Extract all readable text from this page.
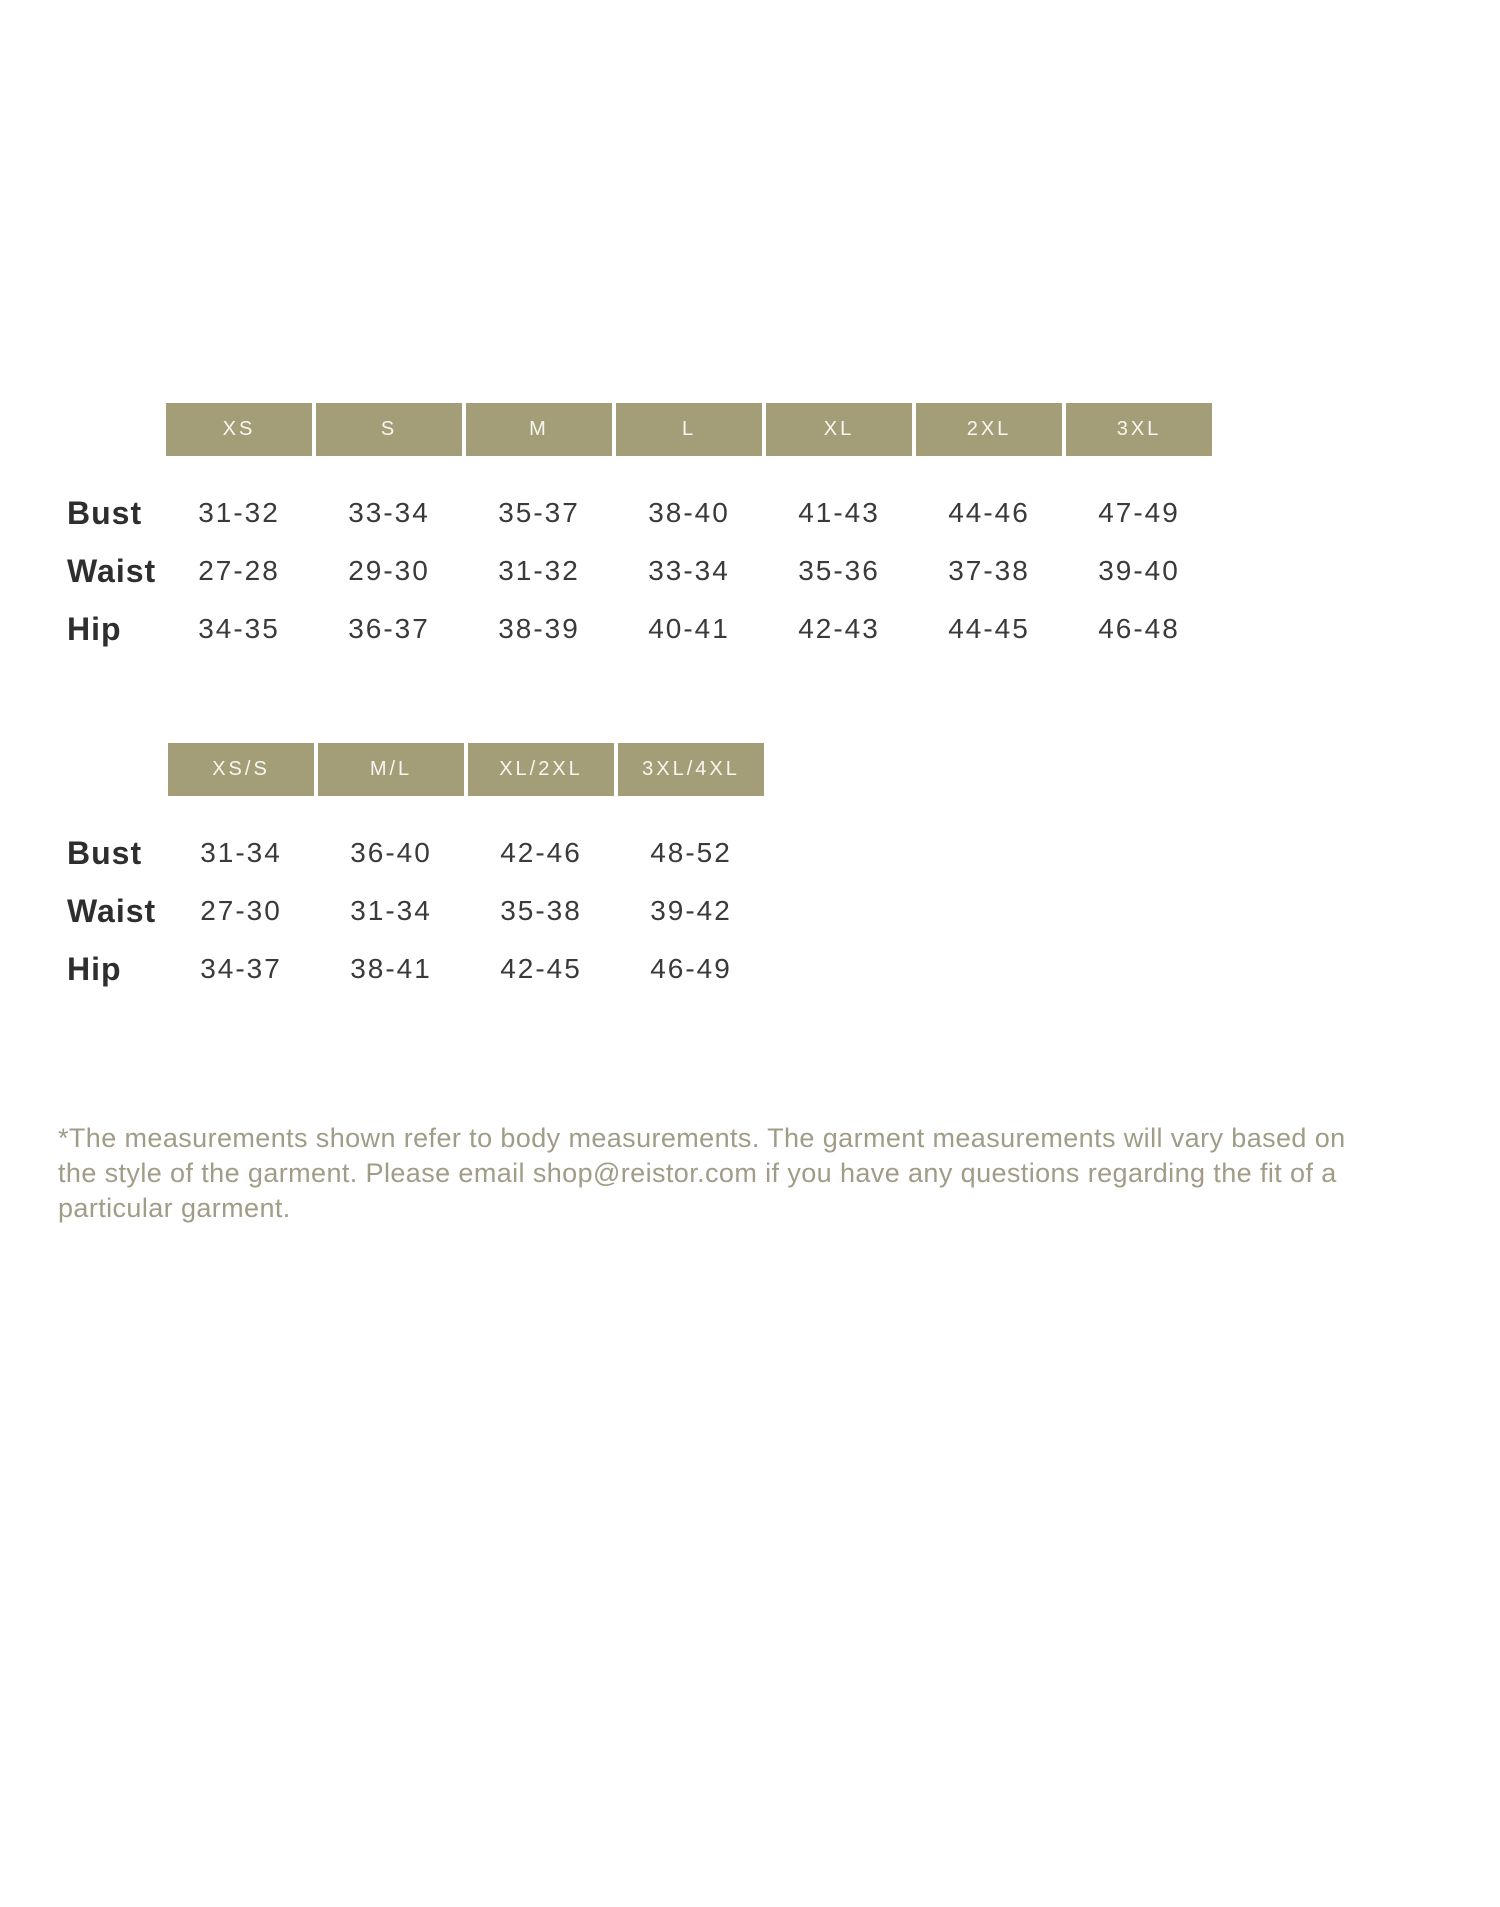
XS	S	M	L	XL	2XL	3XL
Bust	31-32	33-34	35-37	38-40	41-43	44-46	47-49
Waist	27-28	29-30	31-32	33-34	35-36	37-38	39-40
Hip	34-35	36-37	38-39	40-41	42-43	44-45	46-48
XS/S	M/L	XL/2XL	3XL/4XL
Bust	31-34	36-40	42-46	48-52
Waist	27-30	31-34	35-38	39-42
Hip	34-37	38-41	42-45	46-49
*The measurements shown refer to body measurements. The garment measurements will vary based on
the style of the garment. Please email shop@reistor.com if you have any questions regarding the fit of a
particular garment.
